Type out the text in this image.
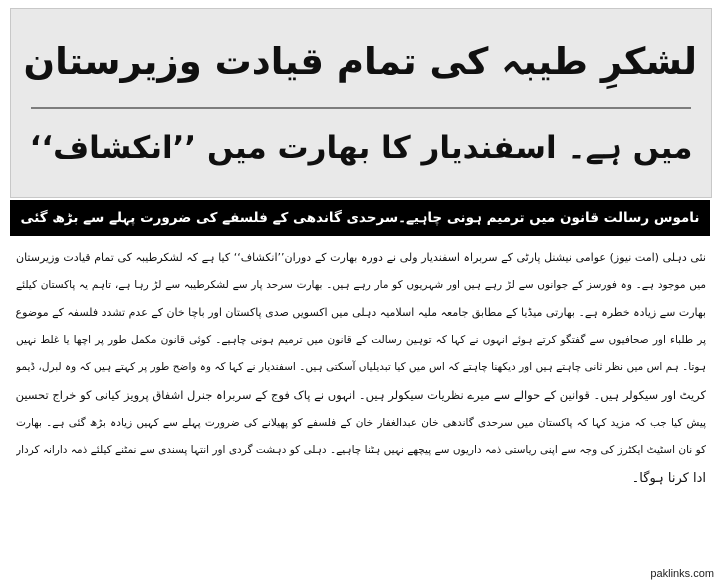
لشکرِ طیبہ کی تمام قیادت وزیرستان
میں ہے۔ اسفندیار کا بھارت میں ’’انکشاف‘‘
ناموس رسالت قانون میں ترمیم ہونی چاہیے۔سرحدی گاندھی کے فلسفے کی ضرورت پہلے سے بڑھ گئی
نئی دہلی (امت نیوز) عوامی نیشنل پارٹی کے سربراہ اسفندیار ولی نے دورہ بھارت کے دوران’’انکشاف‘‘ کیا ہے کہ لشکرطیبہ کی تمام قیادت وزیرستان
میں موجود ہے۔ وہ فورسز کے جوانوں سے لڑ رہے ہیں اور شہریوں کو مار رہے ہیں۔ بھارت سرحد پار سے لشکرطیبہ سے لڑ رہا ہے، تاہم یہ پاکستان کیلئے
بھارت سے زیادہ خطرہ ہے۔ بھارتی میڈیا کے مطابق جامعہ ملیہ اسلامیہ دہلی میں اکسویں صدی پاکستان اور باچا خان کے عدم تشدد فلسفہ کے موضوع
پر طلباء اور صحافیوں سے گفتگو کرتے ہوئے انہوں نے کہا کہ توہین رسالت کے قانون میں ترمیم ہونی چاہیے۔ کوئی قانون مکمل طور پر اچھا یا غلط نہیں
ہوتا۔ ہم اس میں نظر ثانی چاہتے ہیں اور دیکھنا چاہتے کہ اس میں کیا تبدیلیاں آسکتی ہیں۔ اسفندیار نے کہا کہ وہ واضح طور پر کہتے ہیں کہ وہ لبرل، ڈیمو
کریٹ اور سیکولر ہیں۔ قوانین کے حوالے سے میرے نظریات سیکولر ہیں۔ انہوں نے پاک فوج کے سربراہ جنرل اشفاق پرویز کیانی کو خراج تحسین
پیش کیا جب کہ مزید کہا کہ پاکستان میں سرحدی گاندھی خان عبدالغفار خان کے فلسفے کو پھیلانے کی ضرورت پہلے سے کہیں زیادہ بڑھ گئی ہے۔ بھارت
کو نان اسٹیٹ ایکٹرز کی وجہ سے اپنی ریاستی ذمہ داریوں سے پیچھے نہیں ہٹنا چاہیے۔ دہلی کو دہشت گردی اور انتہا پسندی سے نمٹنے کیلئے ذمہ دارانہ کردار
ادا کرنا ہوگا۔
paklinks.com
